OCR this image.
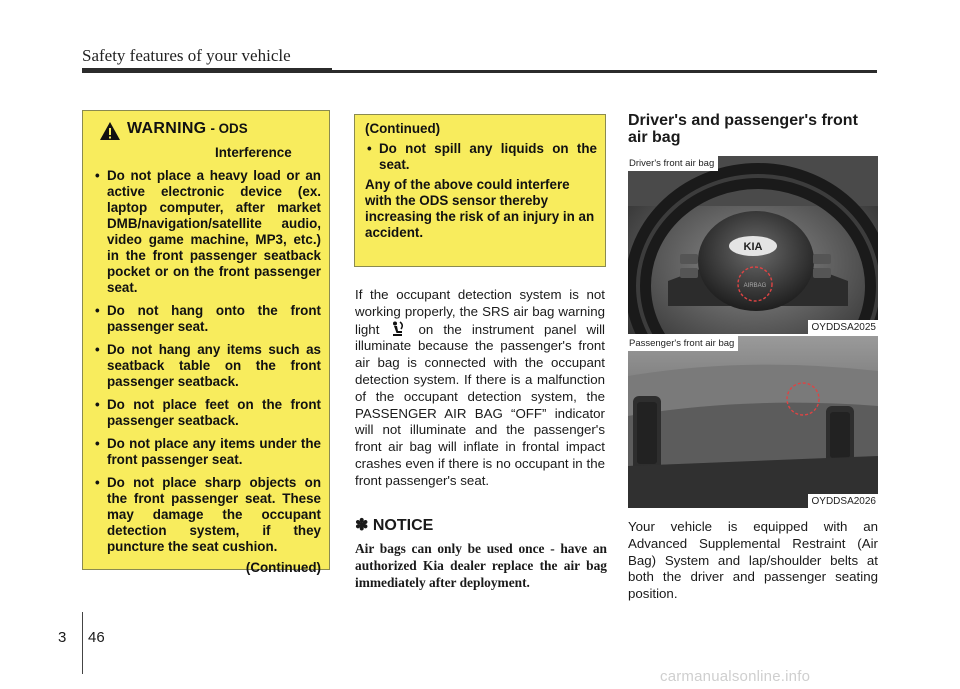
Safety features of your vehicle
WARNING - ODS
Interference
• Do not place a heavy load or an active electronic device (ex. laptop computer, after market DMB/navigation/satellite audio, video game machine, MP3, etc.) in the front passenger seatback pocket or on the front passenger seat.
• Do not hang onto the front passenger seat.
• Do not hang any items such as seatback table on the front passenger seatback.
• Do not place feet on the front passenger seatback.
• Do not place any items under the front passenger seat.
• Do not place sharp objects on the front passenger seat. These may damage the occupant detection system, if they puncture the seat cushion.
(Continued)
(Continued)
• Do not spill any liquids on the seat.
Any of the above could interfere with the ODS sensor thereby increasing the risk of an injury in an accident.
If the occupant detection system is not working properly, the SRS air bag warning light	on the instrument panel will illuminate because the passenger's front air bag is connected with the occupant detection system. If there is a malfunction of the occupant detection system, the PASSENGER AIR BAG “OFF” indicator will not illuminate and the passenger's front air bag will inflate in frontal impact crashes even if there is no occupant in the front passenger's seat.
✽ NOTICE
Air bags can only be used once - have an authorized Kia dealer replace the air bag immediately after deployment.
Driver's and passenger's front air bag
KIA
AIRBAG
Driver's front air bag
OYDDSA2025
Passenger's front air bag
OYDDSA2026
Your vehicle is equipped with an Advanced Supplemental Restraint (Air Bag) System and lap/shoulder belts at both the driver and passenger seating position.
3 46
carmanualsonline.info
